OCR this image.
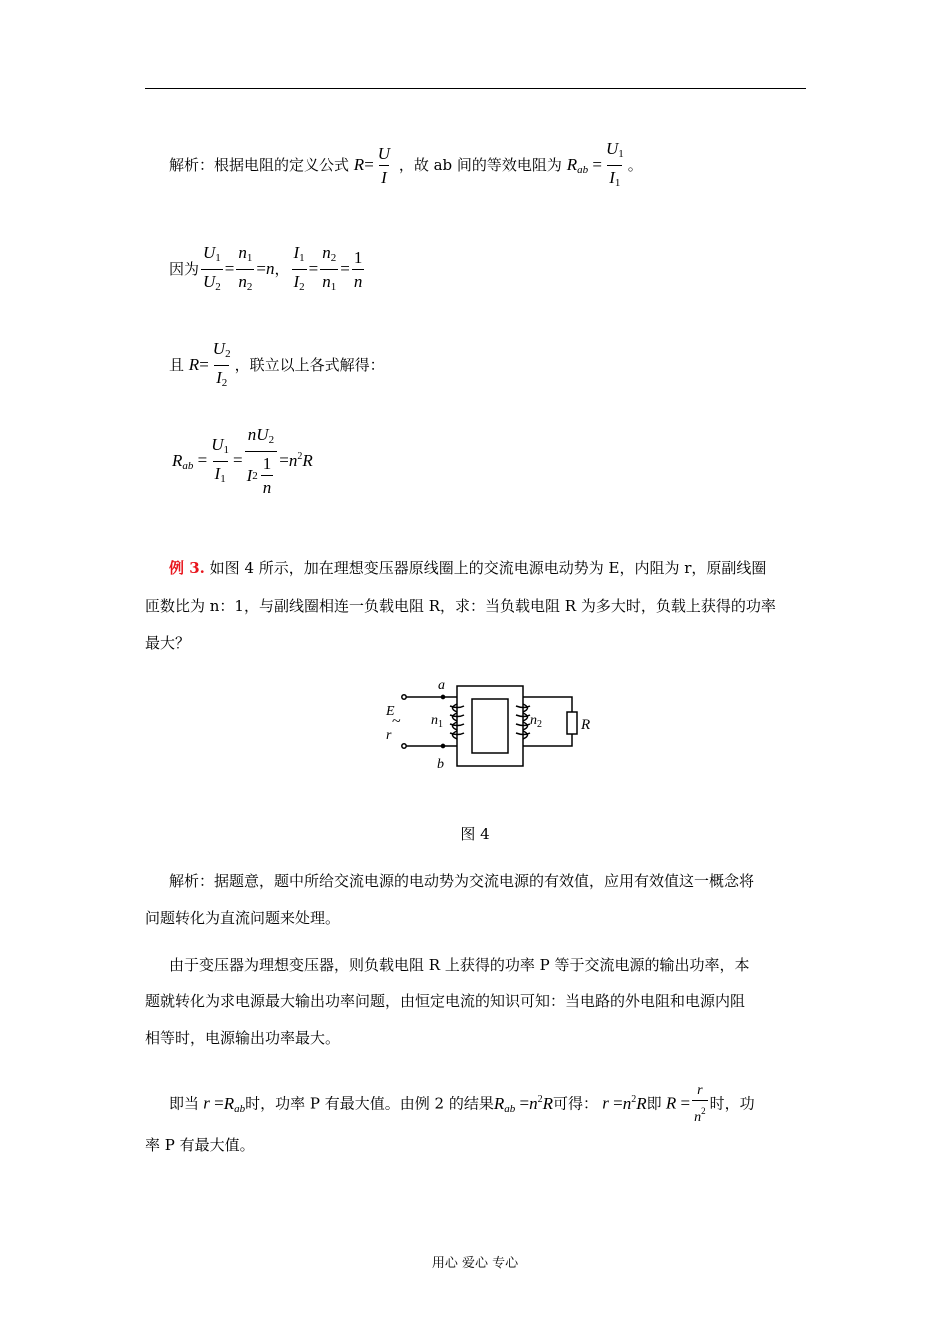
解析：根据电阻的定义公式 $R= \frac{U}{I}$ ，故 ab 间的等效电阻为 $R_{ab} = \frac{U_1}{I_1}$ 。
因为 $\frac{U_1}{U_2} = \frac{n_1}{n_2} =n$， $\frac{I_1}{I_2} = \frac{n_2}{n_1} = \frac{1}{n}$
且 $R= \frac{U_2}{I_2}$ ，联立以上各式解得：
$R_{ab} = \frac{U_1}{I_1} = \frac{nU_2}{I 2 \frac{1}{n}} =n^2R$
例 3. 如图 4 所示，加在理想变压器原线圈上的交流电源电动势为 E，内阻为 r，原副线圈
匝数比为 n：1，与副线圈相连一负载电阻 R，求：当负载电阻 R 为多大时，负载上获得的功率
最大？
E
~
r
a
b
$n_1$	$n_2$	R
图 4
解析：据题意，题中所给交流电源的电动势为交流电源的有效值，应用有效值这一概念将
问题转化为直流问题来处理。
由于变压器为理想变压器，则负载电阻 R 上获得的功率 P 等于交流电源的输出功率，本
题就转化为求电源最大输出功率问题，由恒定电流的知识可知：当电路的外电阻和电源内阻
相等时，电源输出功率最大。
即当 $r =R_{ab}$时，功率 P 有最大值。由例 2 的结果$R_{ab} =n^2R$可得： $r =n^2R$即 $R = \frac{r}{n^2}$ 时，功
率 P 有最大值。
用心 爱心 专心
